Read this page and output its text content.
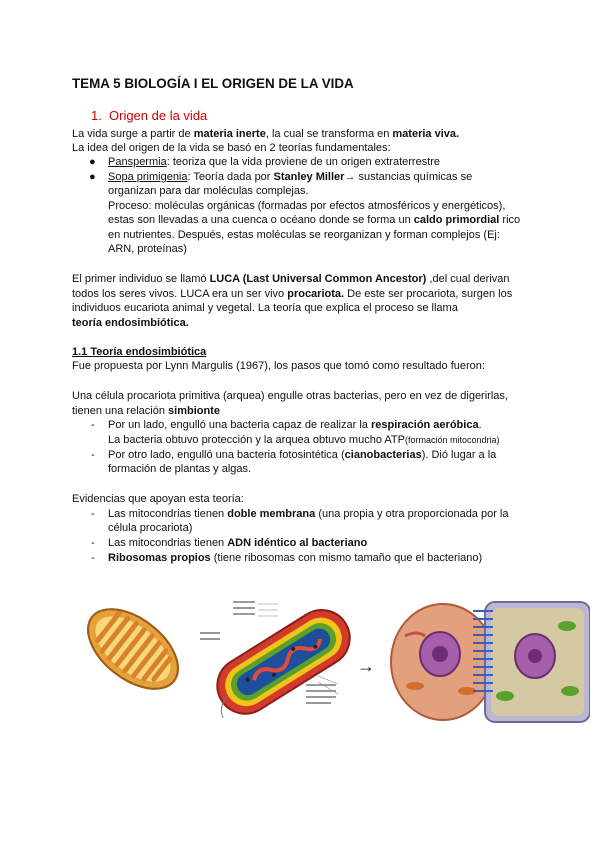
TEMA 5 BIOLOGÍA I EL ORIGEN DE LA VIDA
1. Origen de la vida
La vida surge a partir de materia inerte, la cual se transforma en materia viva.
La idea del origen de la vida se basó en 2 teorías fundamentales:
● Panspermia: teoriza que la vida proviene de un origen extraterrestre
● Sopa primigenia: Teoría dada por Stanley Miller→ sustancias químicas se
organizan para dar moléculas complejas.
Proceso: moléculas orgánicas (formadas por efectos atmosféricos y energéticos),
estas son llevadas a una cuenca o océano donde se forma un caldo primordial rico
en nutrientes. Después, estas moléculas se reorganizan y forman complejos (Ej:
ARN, proteínas)
El primer individuo se llamó LUCA (Last Universal Common Ancestor) ,del cual derivan
todos los seres vivos. LUCA era un ser vivo procariota. De este ser procariota, surgen los
individuos eucariota animal y vegetal. La teoría que explica el proceso se llama
teoría endosimbiótica.
1.1 Teoría endosimbiótica
Fue propuesta por Lynn Margulis (1967), los pasos que tomó como resultado fueron:
Una célula procariota primitiva (arquea) engulle otras bacterias, pero en vez de digerirlas,
tienen una relación simbionte
- Por un lado, engulló una bacteria capaz de realizar la respiración aeróbica.
La bacteria obtuvo protección y la arquea obtuvo mucho ATP(formación mitocondria)
- Por otro lado, engulló una bacteria fotosintética (cianobacterias). Dió lugar a la
formación de plantas y algas.
Evidencias que apoyan esta teoría:
- Las mitocondrias tienen doble membrana (una propia y otra proporcionada por la
célula procariota)
- Las mitocondrias tienen ADN idéntico al bacteriano
- Ribosomas propios (tiene ribosomas con mismo tamaño que el bacteriano)
→
